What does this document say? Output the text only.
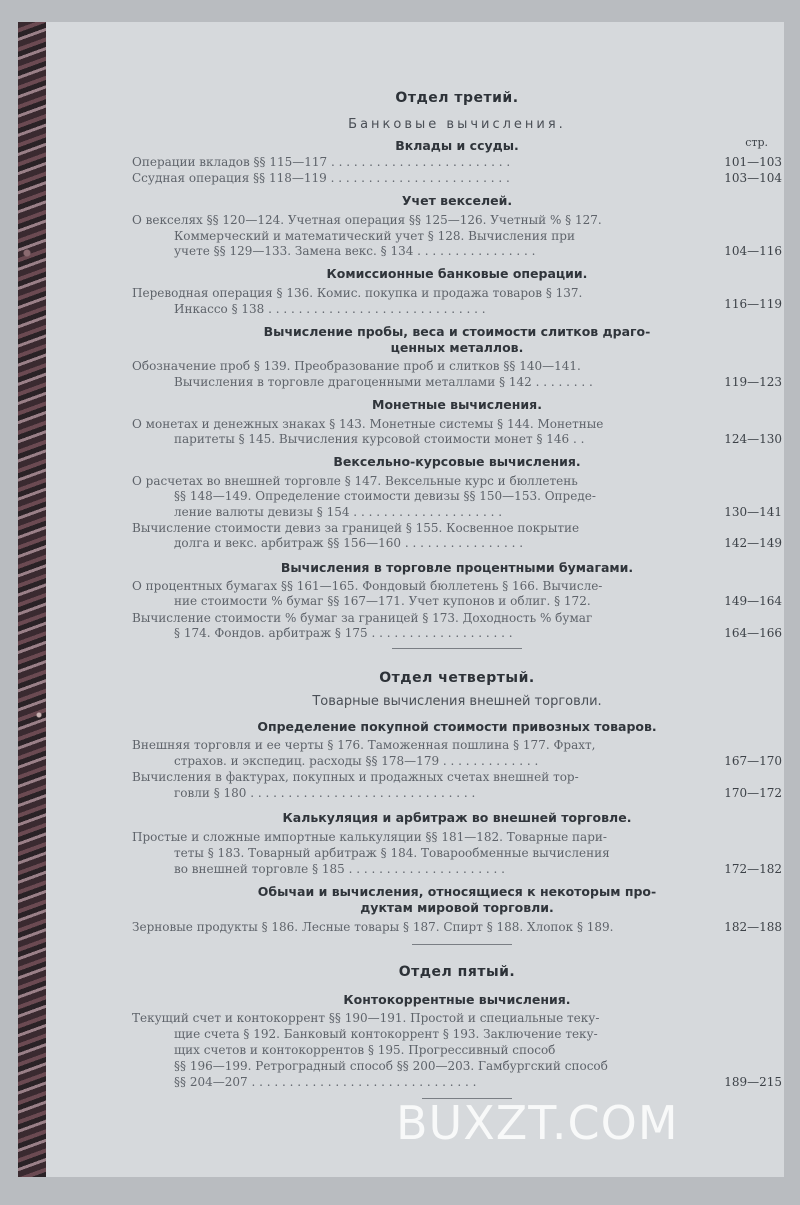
Отдел третий.
Банковые вычисления.
стр.
Вклады и ссуды.
Операции вкладов §§ 115—117 . . . . . . . . . . . . . . . . . . . . . . . .	101—103
Ссудная операция §§ 118—119 . . . . . . . . . . . . . . . . . . . . . . . .	103—104
Учет векселей.
О векселях §§ 120—124. Учетная операция §§ 125—126. Учетный % § 127.
Коммерческий и математический учет § 128. Вычисления при
учете §§ 129—133. Замена векс. § 134 . . . . . . . . . . . . . . . .	104—116
Комиссионные банковые операции.
Переводная операция § 136. Комис. покупка и продажа товаров § 137.
Инкассо § 138 . . . . . . . . . . . . . . . . . . . . . . . . . . . . .	116—119
Вычисление пробы, веса и стоимости слитков драго-
ценных металлов.
Обозначение проб § 139. Преобразование проб и слитков §§ 140—141.
Вычисления в торговле драгоценными металлами § 142 . . . . . . . .	119—123
Монетные вычисления.
О монетах и денежных знаках § 143. Монетные системы § 144. Монетные
паритеты § 145. Вычисления курсовой стоимости монет § 146 . .	124—130
Вексельно-курсовые вычисления.
О расчетах во внешней торговле § 147. Вексельные курс и бюллетень
§§ 148—149. Определение стоимости девизы §§ 150—153. Опреде-
ление валюты девизы § 154 . . . . . . . . . . . . . . . . . . . .	130—141
Вычисление стоимости девиз за границей § 155. Косвенное покрытие
долга и векс. арбитраж §§ 156—160 . . . . . . . . . . . . . . . .	142—149
Вычисления в торговле процентными бумагами.
О процентных бумагах §§ 161—165. Фондовый бюллетень § 166. Вычисле-
ние стоимости % бумаг §§ 167—171. Учет купонов и облиг. § 172.	149—164
Вычисление стоимости % бумаг за границей § 173. Доходность % бумаг
§ 174. Фондов. арбитраж § 175 . . . . . . . . . . . . . . . . . . .	164—166
Отдел четвертый.
Товарные вычисления внешней торговли.
Определение покупной стоимости привозных товаров.
Внешняя торговля и ее черты § 176. Таможенная пошлина § 177. Фрахт,
страхов. и экспедиц. расходы §§ 178—179 . . . . . . . . . . . . .	167—170
Вычисления в фактурах, покупных и продажных счетах внешней тор-
говли § 180 . . . . . . . . . . . . . . . . . . . . . . . . . . . . . .	170—172
Калькуляция и арбитраж во внешней торговле.
Простые и сложные импортные калькуляции §§ 181—182. Товарные пари-
теты § 183. Товарный арбитраж § 184. Товарообменные вычисления
во внешней торговле § 185 . . . . . . . . . . . . . . . . . . . . .	172—182
Обычаи и вычисления, относящиеся к некоторым про-
дуктам мировой торговли.
Зерновые продукты § 186. Лесные товары § 187. Спирт § 188. Хлопок § 189.	182—188
Отдел пятый.
Контокоррентные вычисления.
Текущий счет и контокоррент §§ 190—191. Простой и специальные теку-
щие счета § 192. Банковый контокоррент § 193. Заключение теку-
щих счетов и контокоррентов § 195. Прогрессивный способ
§§ 196—199. Ретроградный способ §§ 200—203. Гамбургский способ
§§ 204—207 . . . . . . . . . . . . . . . . . . . . . . . . . . . . . .	189—215
BUXZT.COM
